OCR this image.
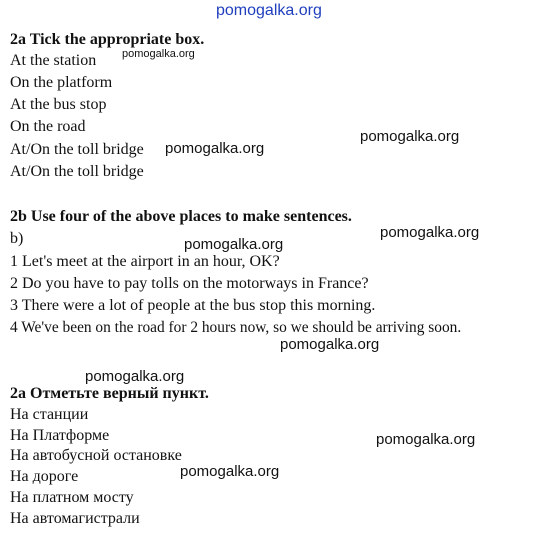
pomogalka.org
2a Tick the appropriate box.
At the station pomogalka.org
On the platform
At the bus stop
On the road
At/On the toll bridge pomogalka.org
pomogalka.org
At/On the toll bridge
2b Use four of the above places to make sentences.
b)	pomogalka.org
pomogalka.org
1 Let's meet at the airport in an hour, OK?
2 Do you have to pay tolls on the motorways in France?
3 There were a lot of people at the bus stop this morning.
4 We've been on the road for 2 hours now, so we should be arriving soon.
pomogalka.org
pomogalka.org
2а Отметьте верный пункт.
На станции
На Платформе	pomogalka.org
На автобусной остановке
На дороге	pomogalka.org
На платном мосту
На автомагистрали
